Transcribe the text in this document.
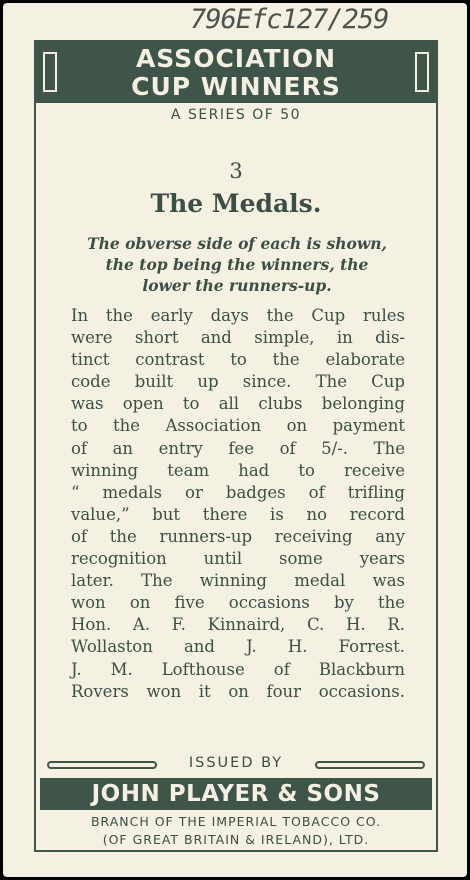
ASSOCIATION
CUP WINNERS
A SERIES OF 50
3
The Medals.
The obverse side of each is shown,
the top being the winners, the
lower the runners-up.
In the early days the Cup rules
were short and simple, in dis-
tinct contrast to the elaborate
code built up since. The Cup
was open to all clubs belonging
to the Association on payment
of an entry fee of 5/-. The
winning team had to receive
“ medals or badges of trifling
value,” but there is no record
of the runners-up receiving any
recognition until some years
later. The winning medal was
won on five occasions by the
Hon. A. F. Kinnaird, C. H. R.
Wollaston and J. H. Forrest.
J. M. Lofthouse of Blackburn
Rovers won it on four occasions.
ISSUED BY
JOHN PLAYER & SONS
BRANCH OF THE IMPERIAL TOBACCO CO.
(OF GREAT BRITAIN & IRELAND), LTD.
796Efc127/259
